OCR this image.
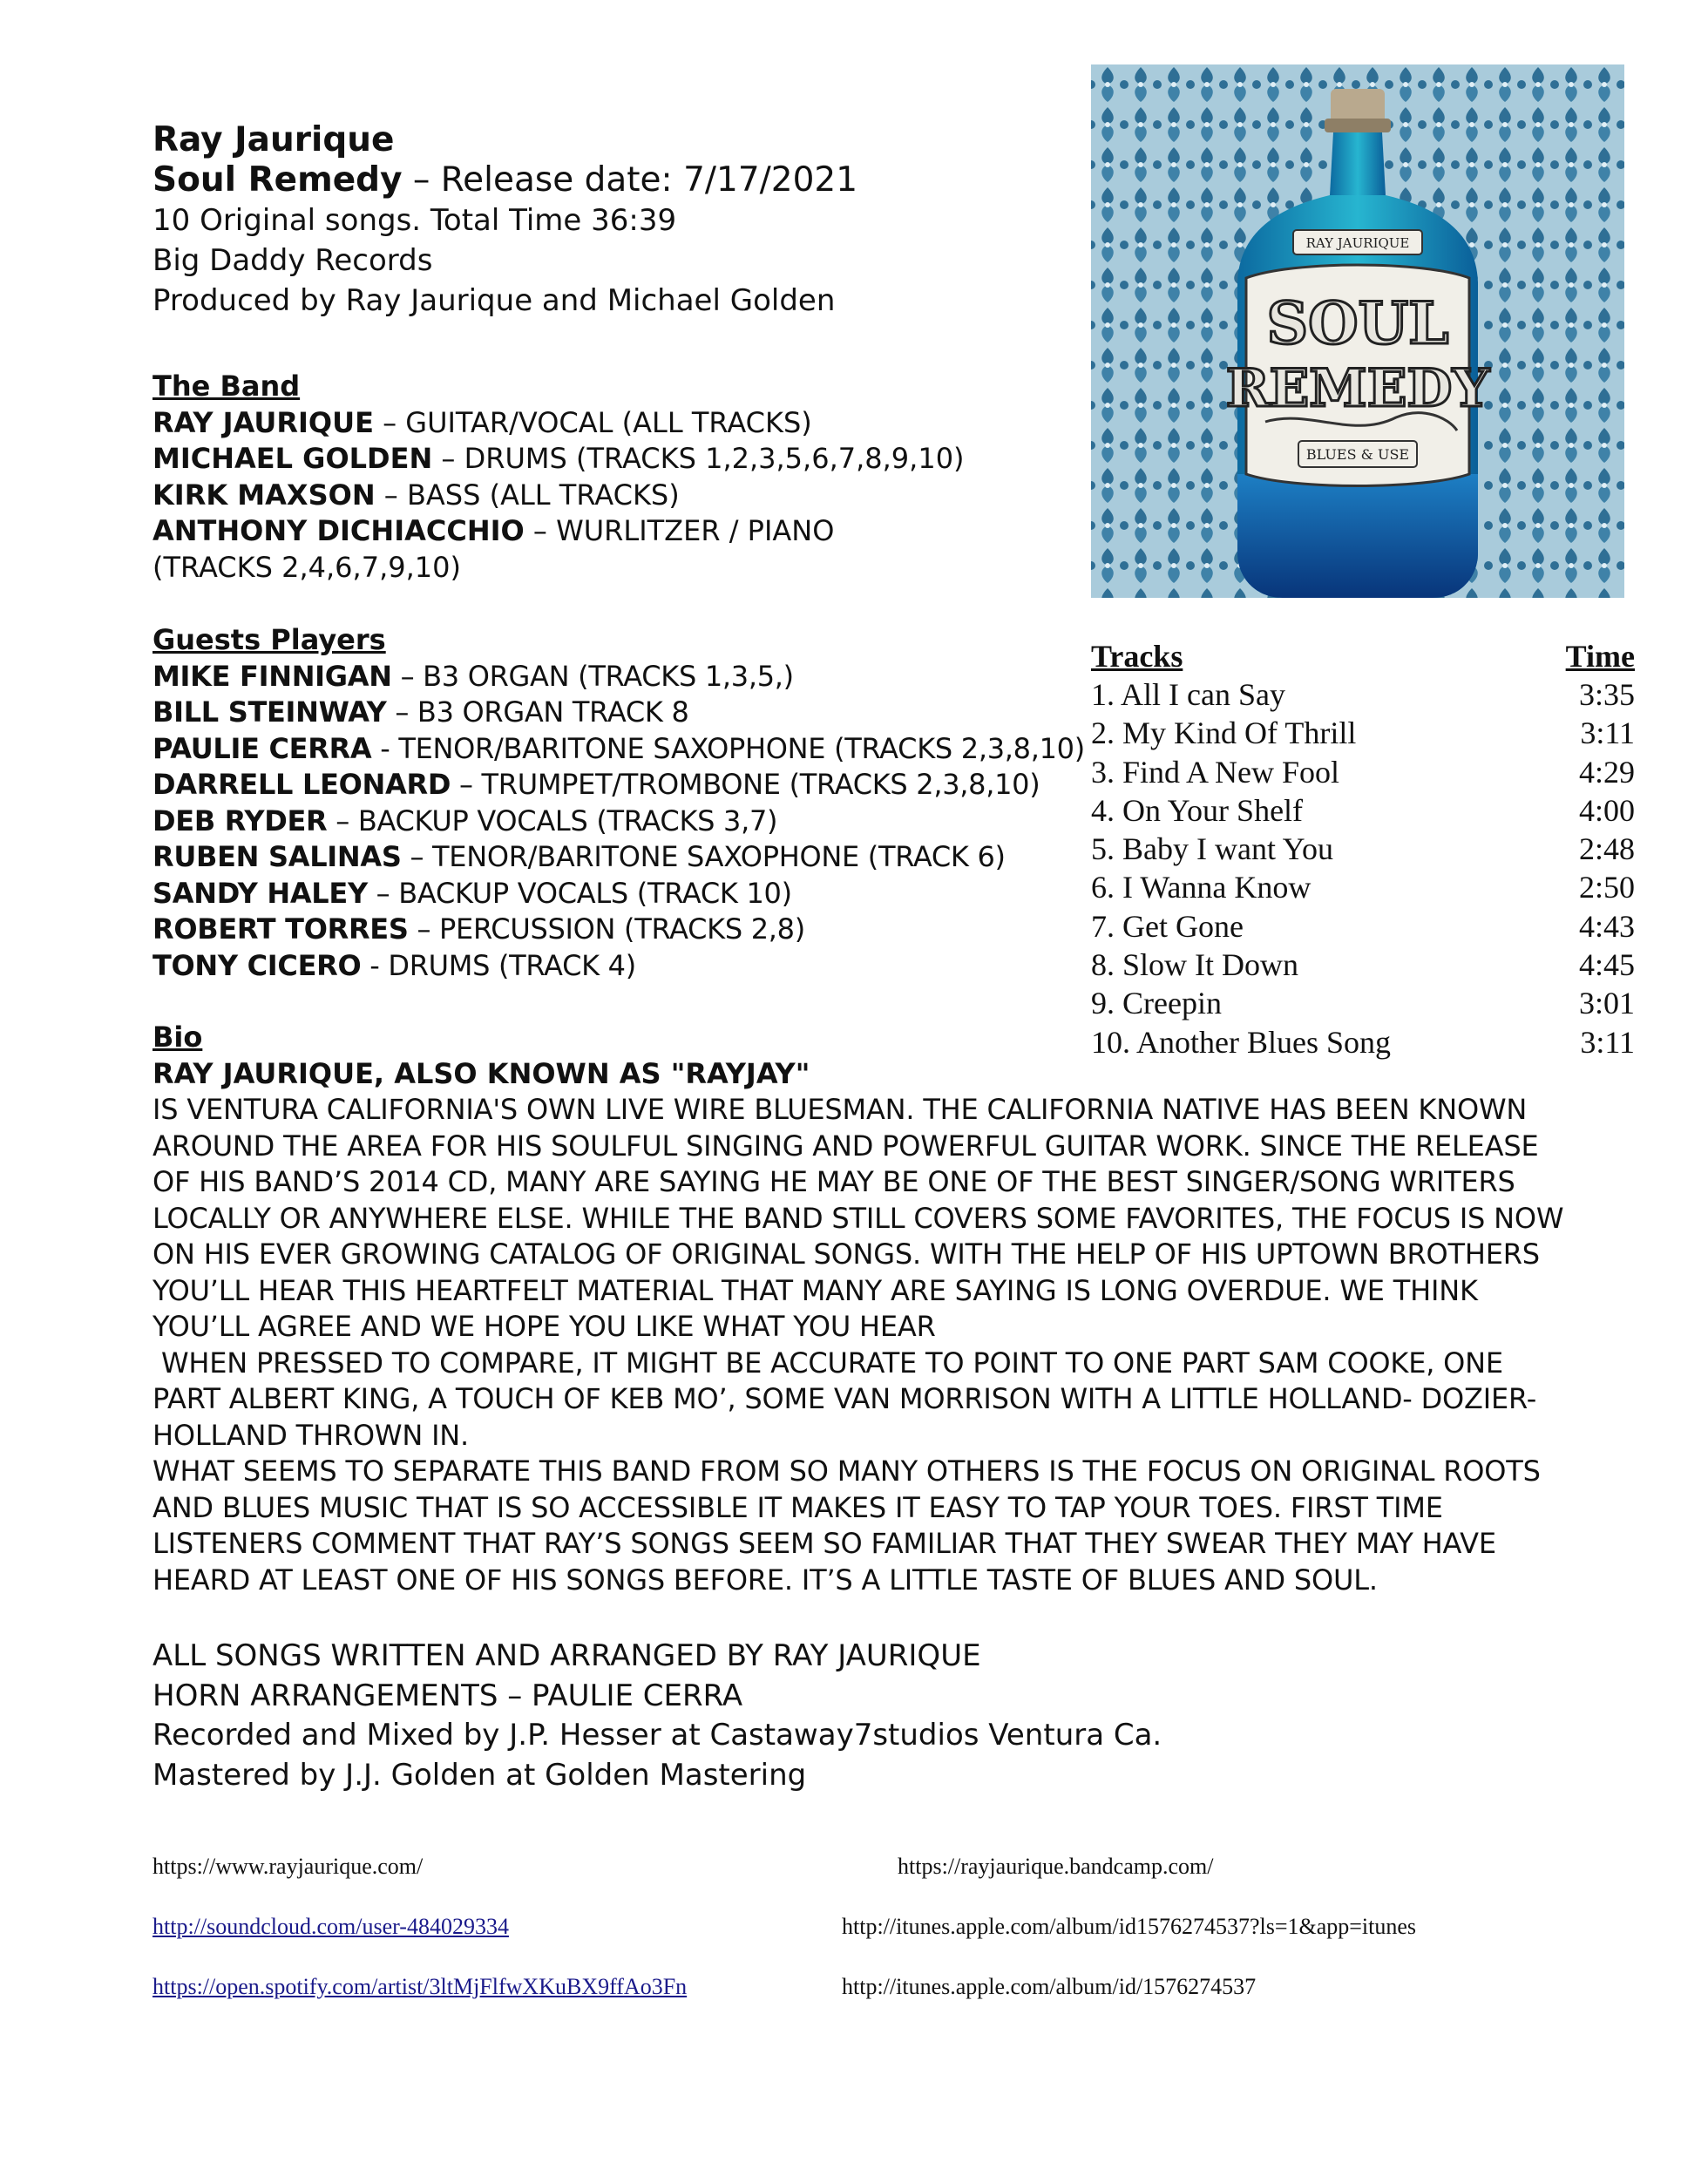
Ray Jaurique
Soul Remedy – Release date: 7/17/2021
10 Original songs. Total Time 36:39
Big Daddy Records
Produced by Ray Jaurique and Michael Golden
The Band
RAY JAURIQUE – GUITAR/VOCAL (ALL TRACKS)
MICHAEL GOLDEN – DRUMS (TRACKS 1,2,3,5,6,7,8,9,10)
KIRK MAXSON – BASS (ALL TRACKS)
ANTHONY DICHIACCHIO – WURLITZER / PIANO (TRACKS 2,4,6,7,9,10)
Guests Players
MIKE FINNIGAN – B3 ORGAN (TRACKS 1,3,5,)
BILL STEINWAY – B3 ORGAN TRACK 8
PAULIE CERRA - TENOR/BARITONE SAXOPHONE (TRACKS 2,3,8,10)
DARRELL LEONARD – TRUMPET/TROMBONE (TRACKS 2,3,8,10)
DEB RYDER – BACKUP VOCALS (TRACKS 3,7)
RUBEN SALINAS – TENOR/BARITONE SAXOPHONE (TRACK 6)
SANDY HALEY – BACKUP VOCALS (TRACK 10)
ROBERT TORRES – PERCUSSION (TRACKS 2,8)
TONY CICERO - DRUMS (TRACK 4)
Bio
RAY JAURIQUE, ALSO KNOWN AS "RAYJAY"

IS VENTURA CALIFORNIA'S OWN LIVE WIRE BLUESMAN. THE CALIFORNIA NATIVE HAS BEEN KNOWN AROUND THE AREA FOR HIS SOULFUL SINGING AND POWERFUL GUITAR WORK. SINCE THE RELEASE OF HIS BAND’S 2014 CD, MANY ARE SAYING HE MAY BE ONE OF THE BEST SINGER/SONG WRITERS LOCALLY OR ANYWHERE ELSE. WHILE THE BAND STILL COVERS SOME FAVORITES, THE FOCUS IS NOW ON HIS EVER GROWING CATALOG OF ORIGINAL SONGS. WITH THE HELP OF HIS UPTOWN BROTHERS YOU’LL HEAR THIS HEARTFELT MATERIAL THAT MANY ARE SAYING IS LONG OVERDUE. WE THINK YOU’LL AGREE AND WE HOPE YOU LIKE WHAT YOU HEAR

WHEN PRESSED TO COMPARE, IT MIGHT BE ACCURATE TO POINT TO ONE PART SAM COOKE, ONE PART ALBERT KING, A TOUCH OF KEB MO’, SOME VAN MORRISON WITH A LITTLE HOLLAND- DOZIER-HOLLAND THROWN IN.

WHAT SEEMS TO SEPARATE THIS BAND FROM SO MANY OTHERS IS THE FOCUS ON ORIGINAL ROOTS AND BLUES MUSIC THAT IS SO ACCESSIBLE IT MAKES IT EASY TO TAP YOUR TOES. FIRST TIME LISTENERS COMMENT THAT RAY’S SONGS SEEM SO FAMILIAR THAT THEY SWEAR THEY MAY HAVE HEARD AT LEAST ONE OF HIS SONGS BEFORE. IT’S A LITTLE TASTE OF BLUES AND SOUL.

ALL SONGS WRITTEN AND ARRANGED BY RAY JAURIQUE
HORN ARRANGEMENTS – PAULIE CERRA
Recorded and Mixed by J.P. Hesser at Castaway7studios Ventura Ca.
Mastered by J.J. Golden at Golden Mastering
RAY JAURIQUE
SOUL
REMEDY
BLUES & USE
Tracks	Time
1. All I can Say	3:35
2. My Kind Of Thrill	3:11
3. Find A New Fool	4:29
4. On Your Shelf	4:00
5. Baby I want You	2:48
6. I Wanna Know	2:50
7. Get Gone	4:43
8. Slow It Down	4:45
9. Creepin	3:01
10. Another Blues Song	3:11
https://www.rayjaurique.com/	https://rayjaurique.bandcamp.com/
http://soundcloud.com/user-484029334	http://itunes.apple.com/album/id1576274537?ls=1&app=itunes
https://open.spotify.com/artist/3ltMjFlfwXKuBX9ffAo3Fn	http://itunes.apple.com/album/id/1576274537
